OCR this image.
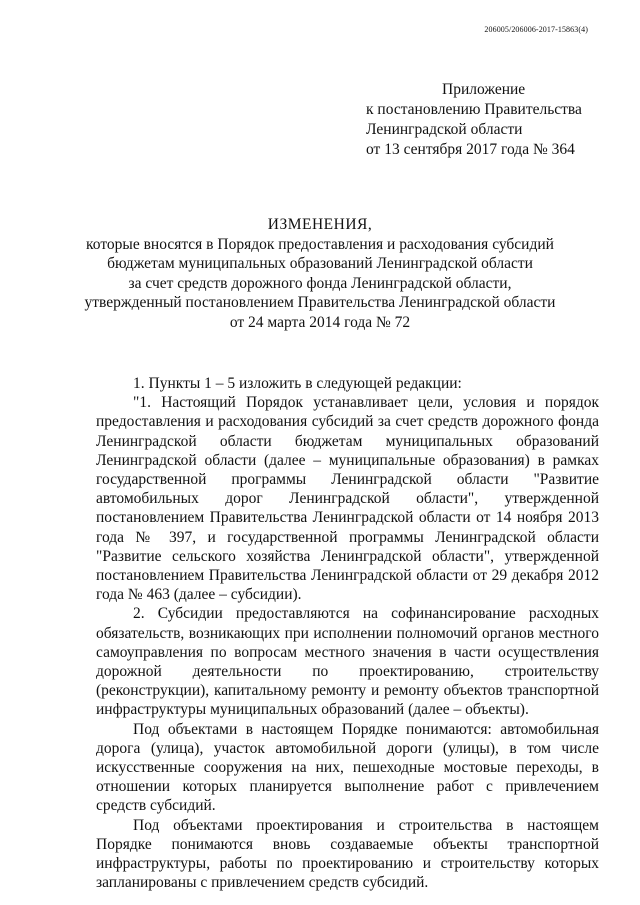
206005/206006-2017-15863(4)
Приложение
к постановлению Правительства
Ленинградской области
от 13 сентября 2017 года № 364
ИЗМЕНЕНИЯ,
которые вносятся в Порядок предоставления и расходования субсидий
бюджетам муниципальных образований Ленинградской области
за счет средств дорожного фонда Ленинградской области,
утвержденный постановлением Правительства Ленинградской области
от 24 марта 2014 года № 72

1. Пункты 1 – 5 изложить в следующей редакции:

"1. Настоящий Порядок устанавливает цели, условия и порядок предоставления и расходования субсидий за счет средств дорожного фонда Ленинградской области бюджетам муниципальных образований Ленинградской области (далее – муниципальные образования) в рамках государственной программы Ленинградской области "Развитие автомобильных дорог Ленинградской области", утвержденной постановлением Правительства Ленинградской области от 14 ноября 2013 года № 397, и государственной программы Ленинградской области "Развитие сельского хозяйства Ленинградской области", утвержденной постановлением Правительства Ленинградской области от 29 декабря 2012 года № 463 (далее – субсидии).

2. Субсидии предоставляются на софинансирование расходных обязательств, возникающих при исполнении полномочий органов местного самоуправления по вопросам местного значения в части осуществления дорожной деятельности по проектированию, строительству (реконструкции), капитальному ремонту и ремонту объектов транспортной инфраструктуры муниципальных образований (далее – объекты).

Под объектами в настоящем Порядке понимаются: автомобильная дорога (улица), участок автомобильной дороги (улицы), в том числе искусственные сооружения на них, пешеходные мостовые переходы, в отношении которых планируется выполнение работ с привлечением средств субсидий.

Под объектами проектирования и строительства в настоящем Порядке понимаются вновь создаваемые объекты транспортной инфраструктуры, работы по проектированию и строительству которых запланированы с привлечением средств субсидий.
